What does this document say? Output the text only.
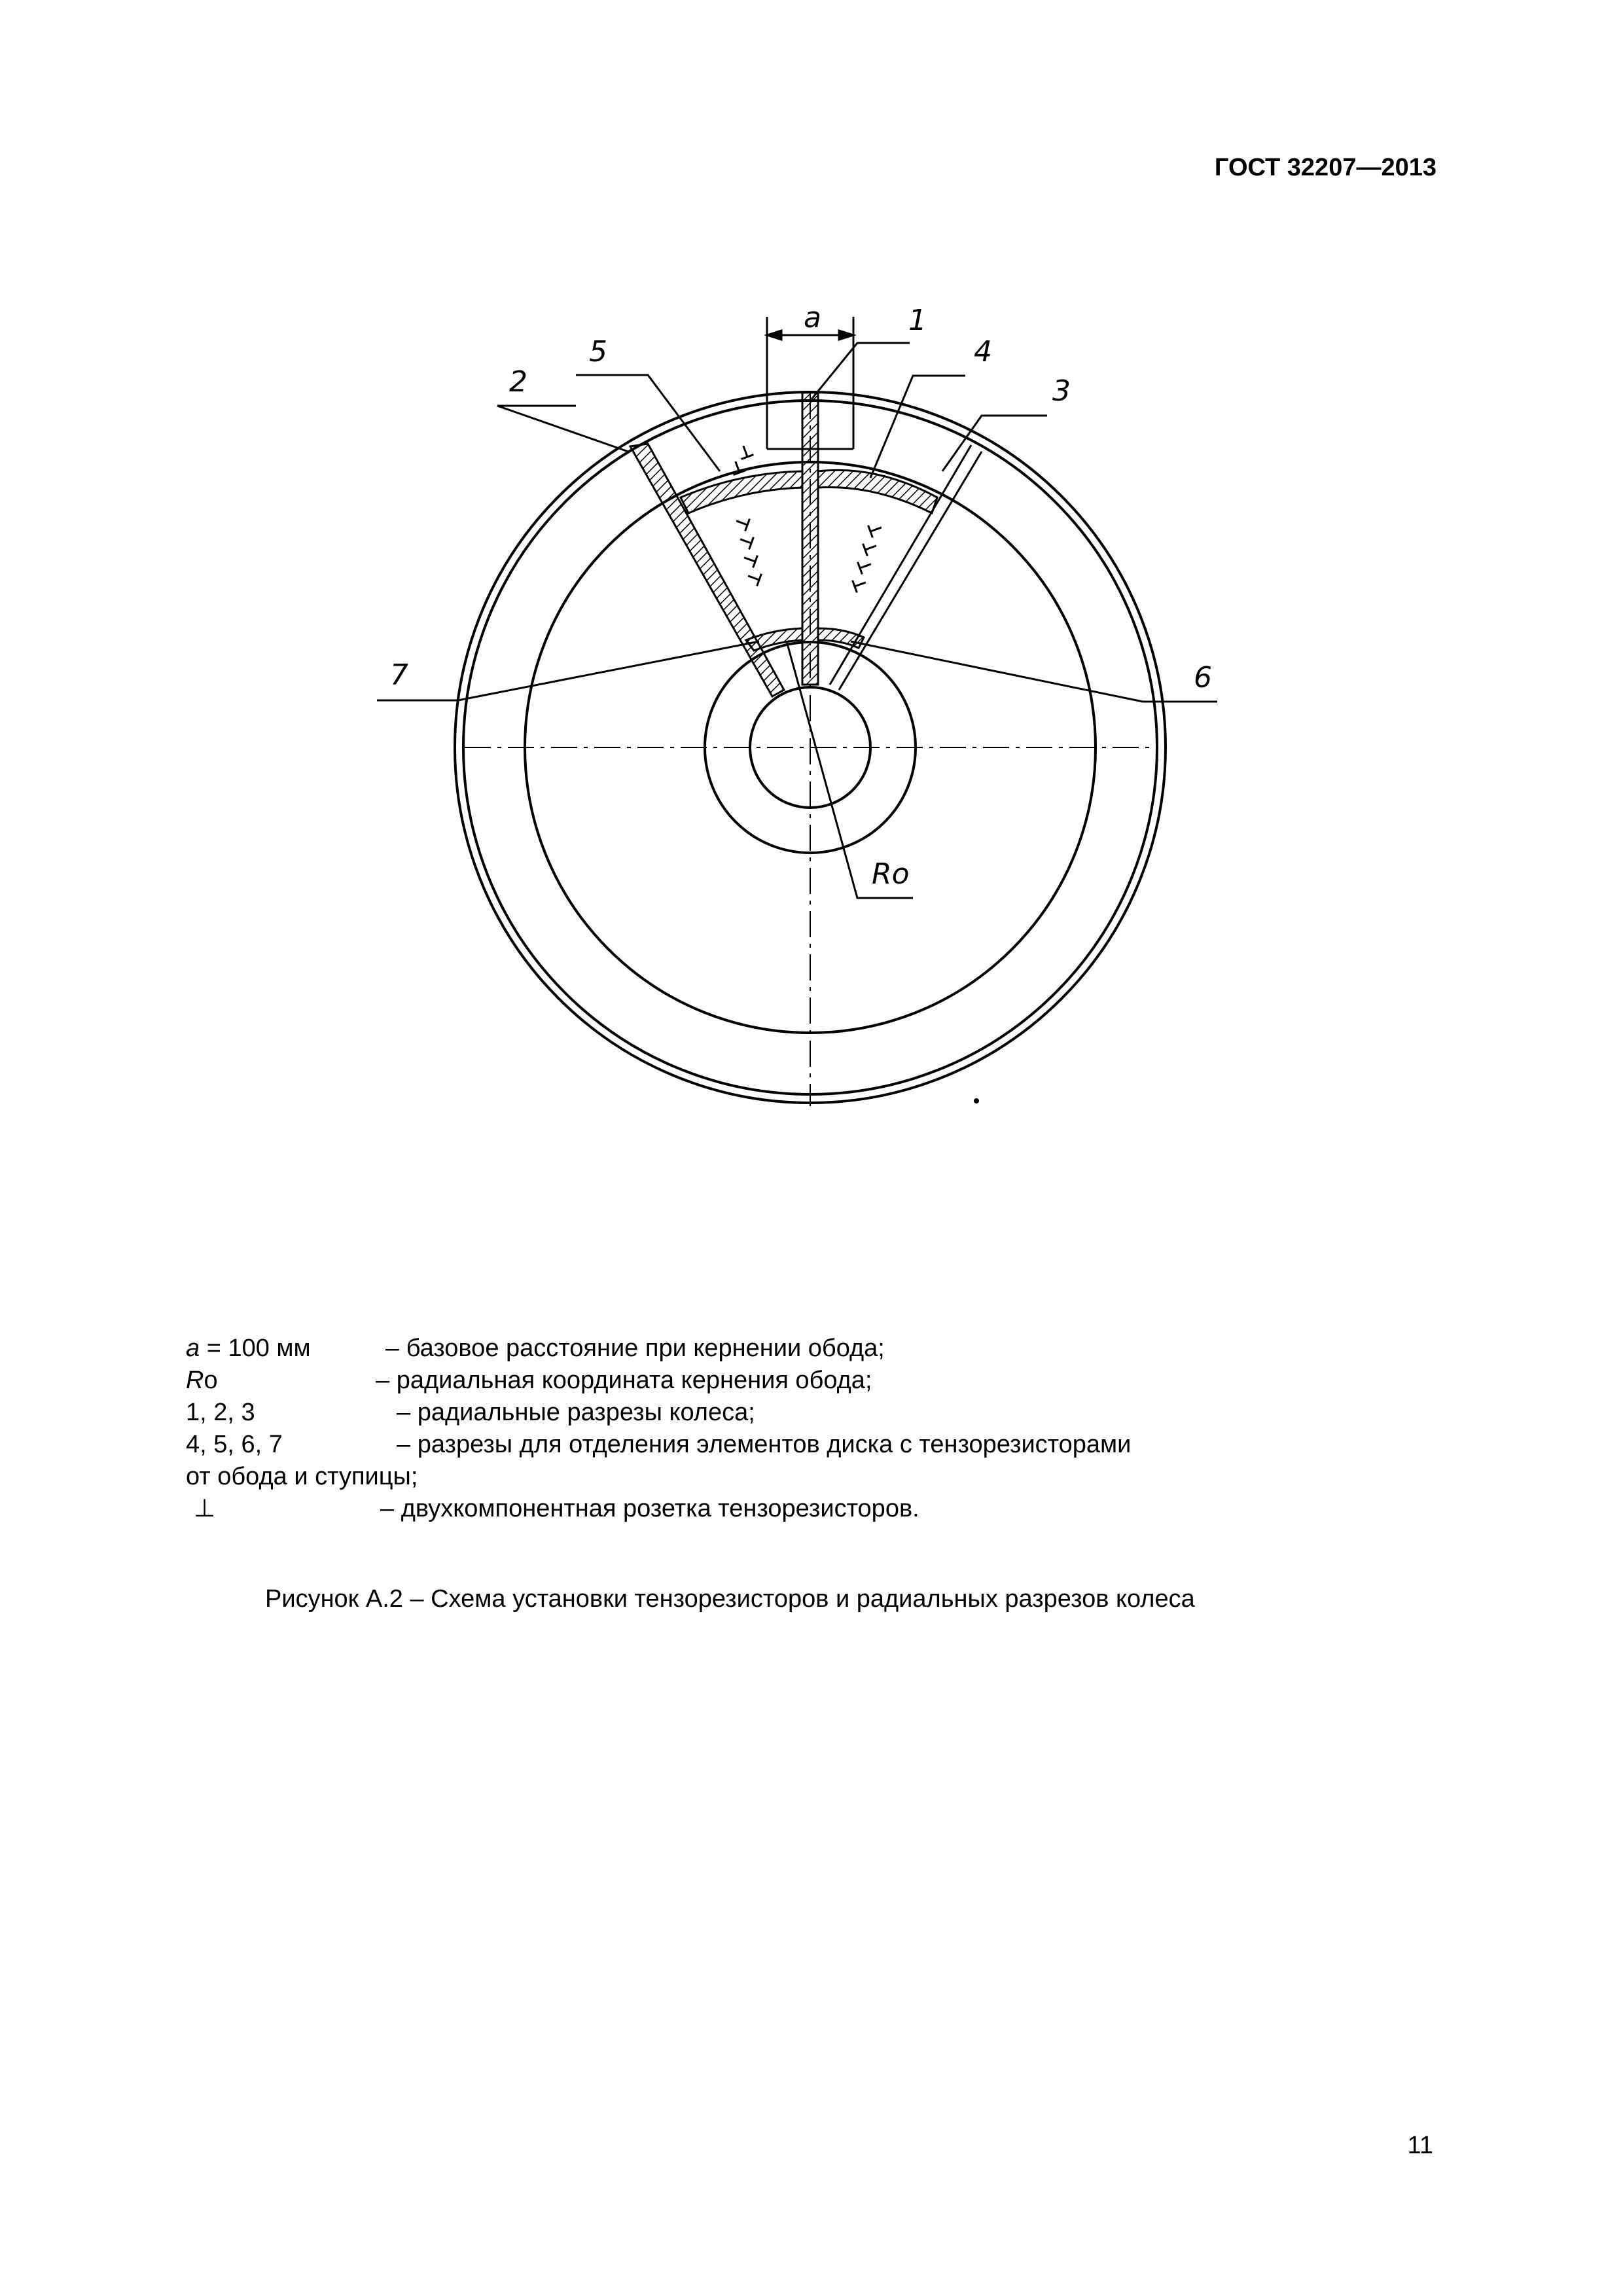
ГОСТ 32207—2013
a	1
2	3
4
5
6
7
Ro
a = 100 мм	– базовое расстояние при кернении обода;
Ro	– радиальная координата кернения обода;
1, 2, 3	– радиальные разрезы колеса;
4, 5, 6, 7	– разрезы для отделения элементов диска с тензорезисторами
от обода и ступицы;
⊥	– двухкомпонентная розетка тензорезисторов.
Рисунок А.2 – Схема установки тензорезисторов и радиальных разрезов колеса
11
